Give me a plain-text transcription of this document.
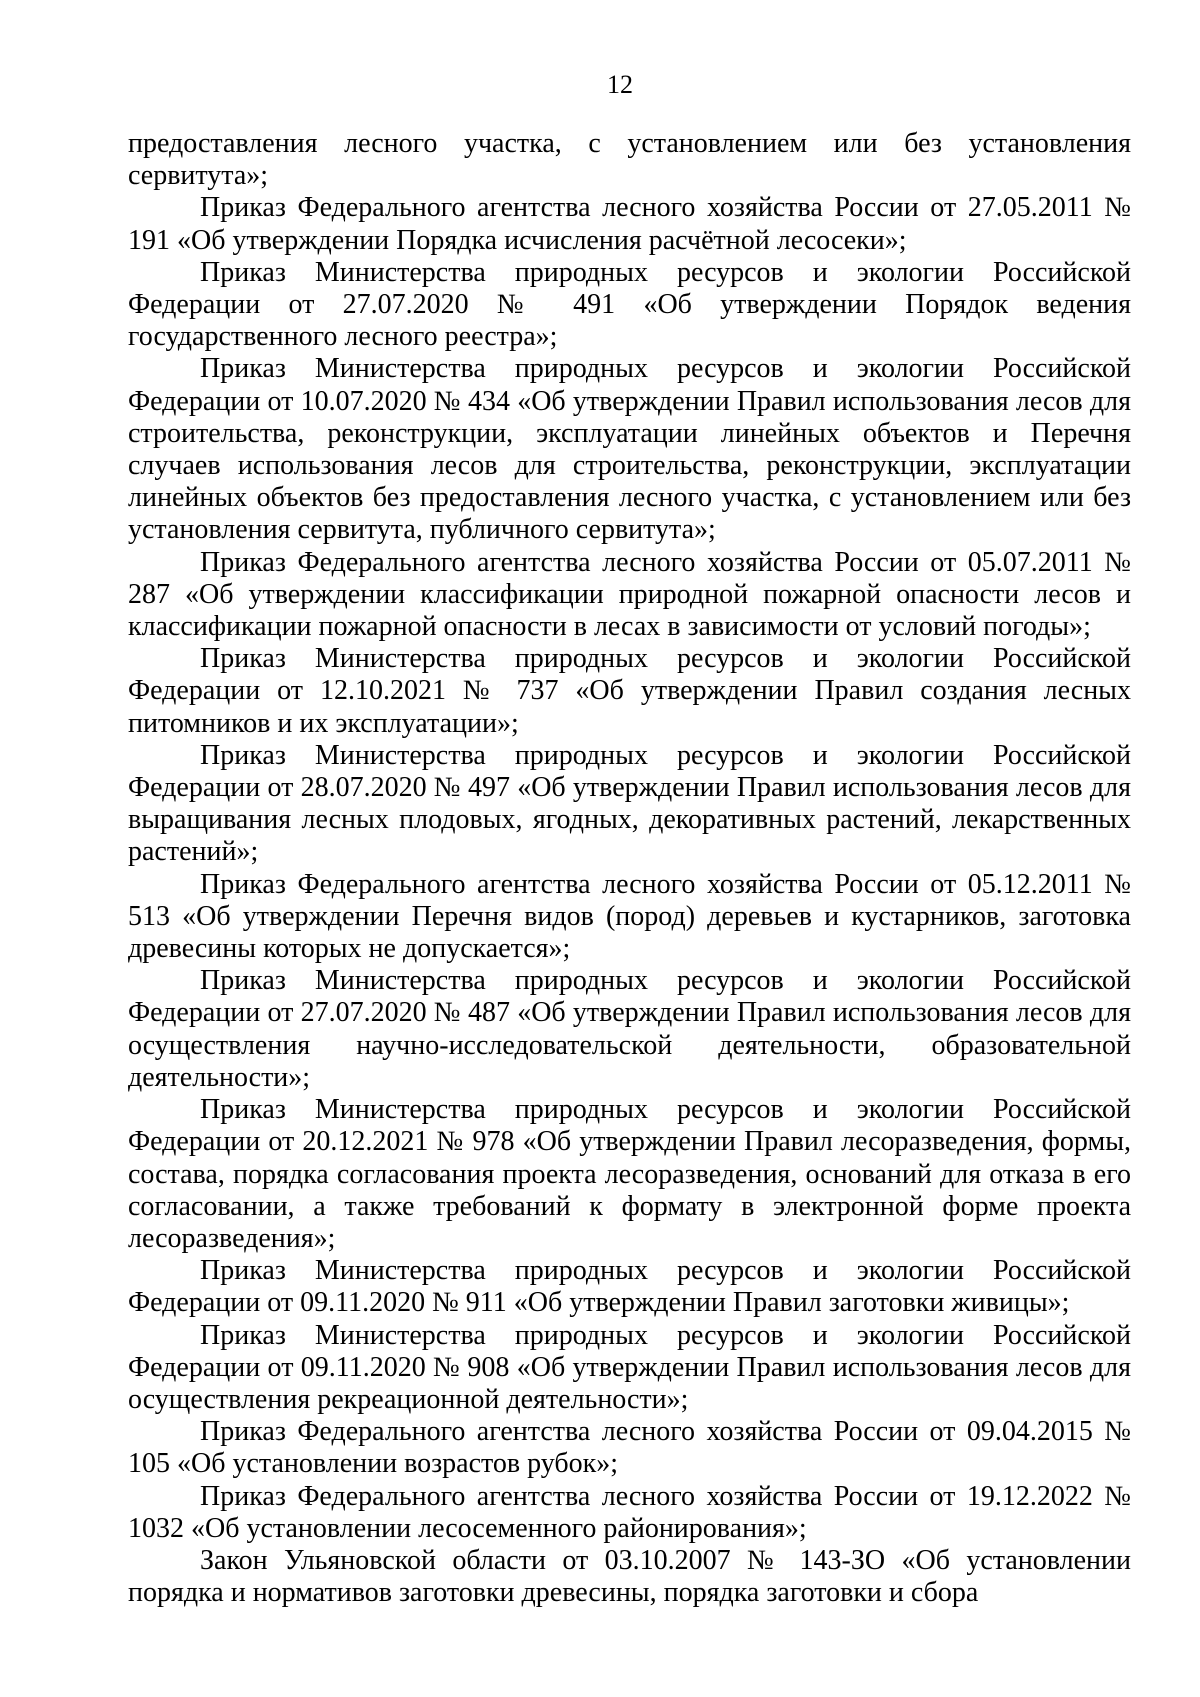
12

предоставления лесного участка, с установлением или без установления сервитута»;

Приказ Федерального агентства лесного хозяйства России от 27.05.2011 № 191 «Об утверждении Порядка исчисления расчётной лесосеки»;

Приказ Министерства природных ресурсов и экологии Российской Федерации от 27.07.2020 № 491 «Об утверждении Порядок ведения государственного лесного реестра»;

Приказ Министерства природных ресурсов и экологии Российской Федерации от 10.07.2020 № 434 «Об утверждении Правил использования лесов для строительства, реконструкции, эксплуатации линейных объектов и Перечня случаев использования лесов для строительства, реконструкции, эксплуатации линейных объектов без предоставления лесного участка, с установлением или без установления сервитута, публичного сервитута»;

Приказ Федерального агентства лесного хозяйства России от 05.07.2011 № 287 «Об утверждении классификации природной пожарной опасности лесов и классификации пожарной опасности в лесах в зависимости от условий погоды»;

Приказ Министерства природных ресурсов и экологии Российской Федерации от 12.10.2021 № 737 «Об утверждении Правил создания лесных питомников и их эксплуатации»;

Приказ Министерства природных ресурсов и экологии Российской Федерации от 28.07.2020 № 497 «Об утверждении Правил использования лесов для выращивания лесных плодовых, ягодных, декоративных растений, лекарственных растений»;

Приказ Федерального агентства лесного хозяйства России от 05.12.2011 № 513 «Об утверждении Перечня видов (пород) деревьев и кустарников, заготовка древесины которых не допускается»;

Приказ Министерства природных ресурсов и экологии Российской Федерации от 27.07.2020 № 487 «Об утверждении Правил использования лесов для осуществления научно-исследовательской деятельности, образовательной деятельности»;

Приказ Министерства природных ресурсов и экологии Российской Федерации от 20.12.2021 № 978 «Об утверждении Правил лесоразведения, формы, состава, порядка согласования проекта лесоразведения, оснований для отказа в его согласовании, а также требований к формату в электронной форме проекта лесоразведения»;

Приказ Министерства природных ресурсов и экологии Российской Федерации от 09.11.2020 № 911 «Об утверждении Правил заготовки живицы»;

Приказ Министерства природных ресурсов и экологии Российской Федерации от 09.11.2020 № 908 «Об утверждении Правил использования лесов для осуществления рекреационной деятельности»;

Приказ Федерального агентства лесного хозяйства России от 09.04.2015 № 105 «Об установлении возрастов рубок»;

Приказ Федерального агентства лесного хозяйства России от 19.12.2022 № 1032 «Об установлении лесосеменного районирования»;

Закон Ульяновской области от 03.10.2007 № 143-ЗО «Об установлении порядка и нормативов заготовки древесины, порядка заготовки и сбора
